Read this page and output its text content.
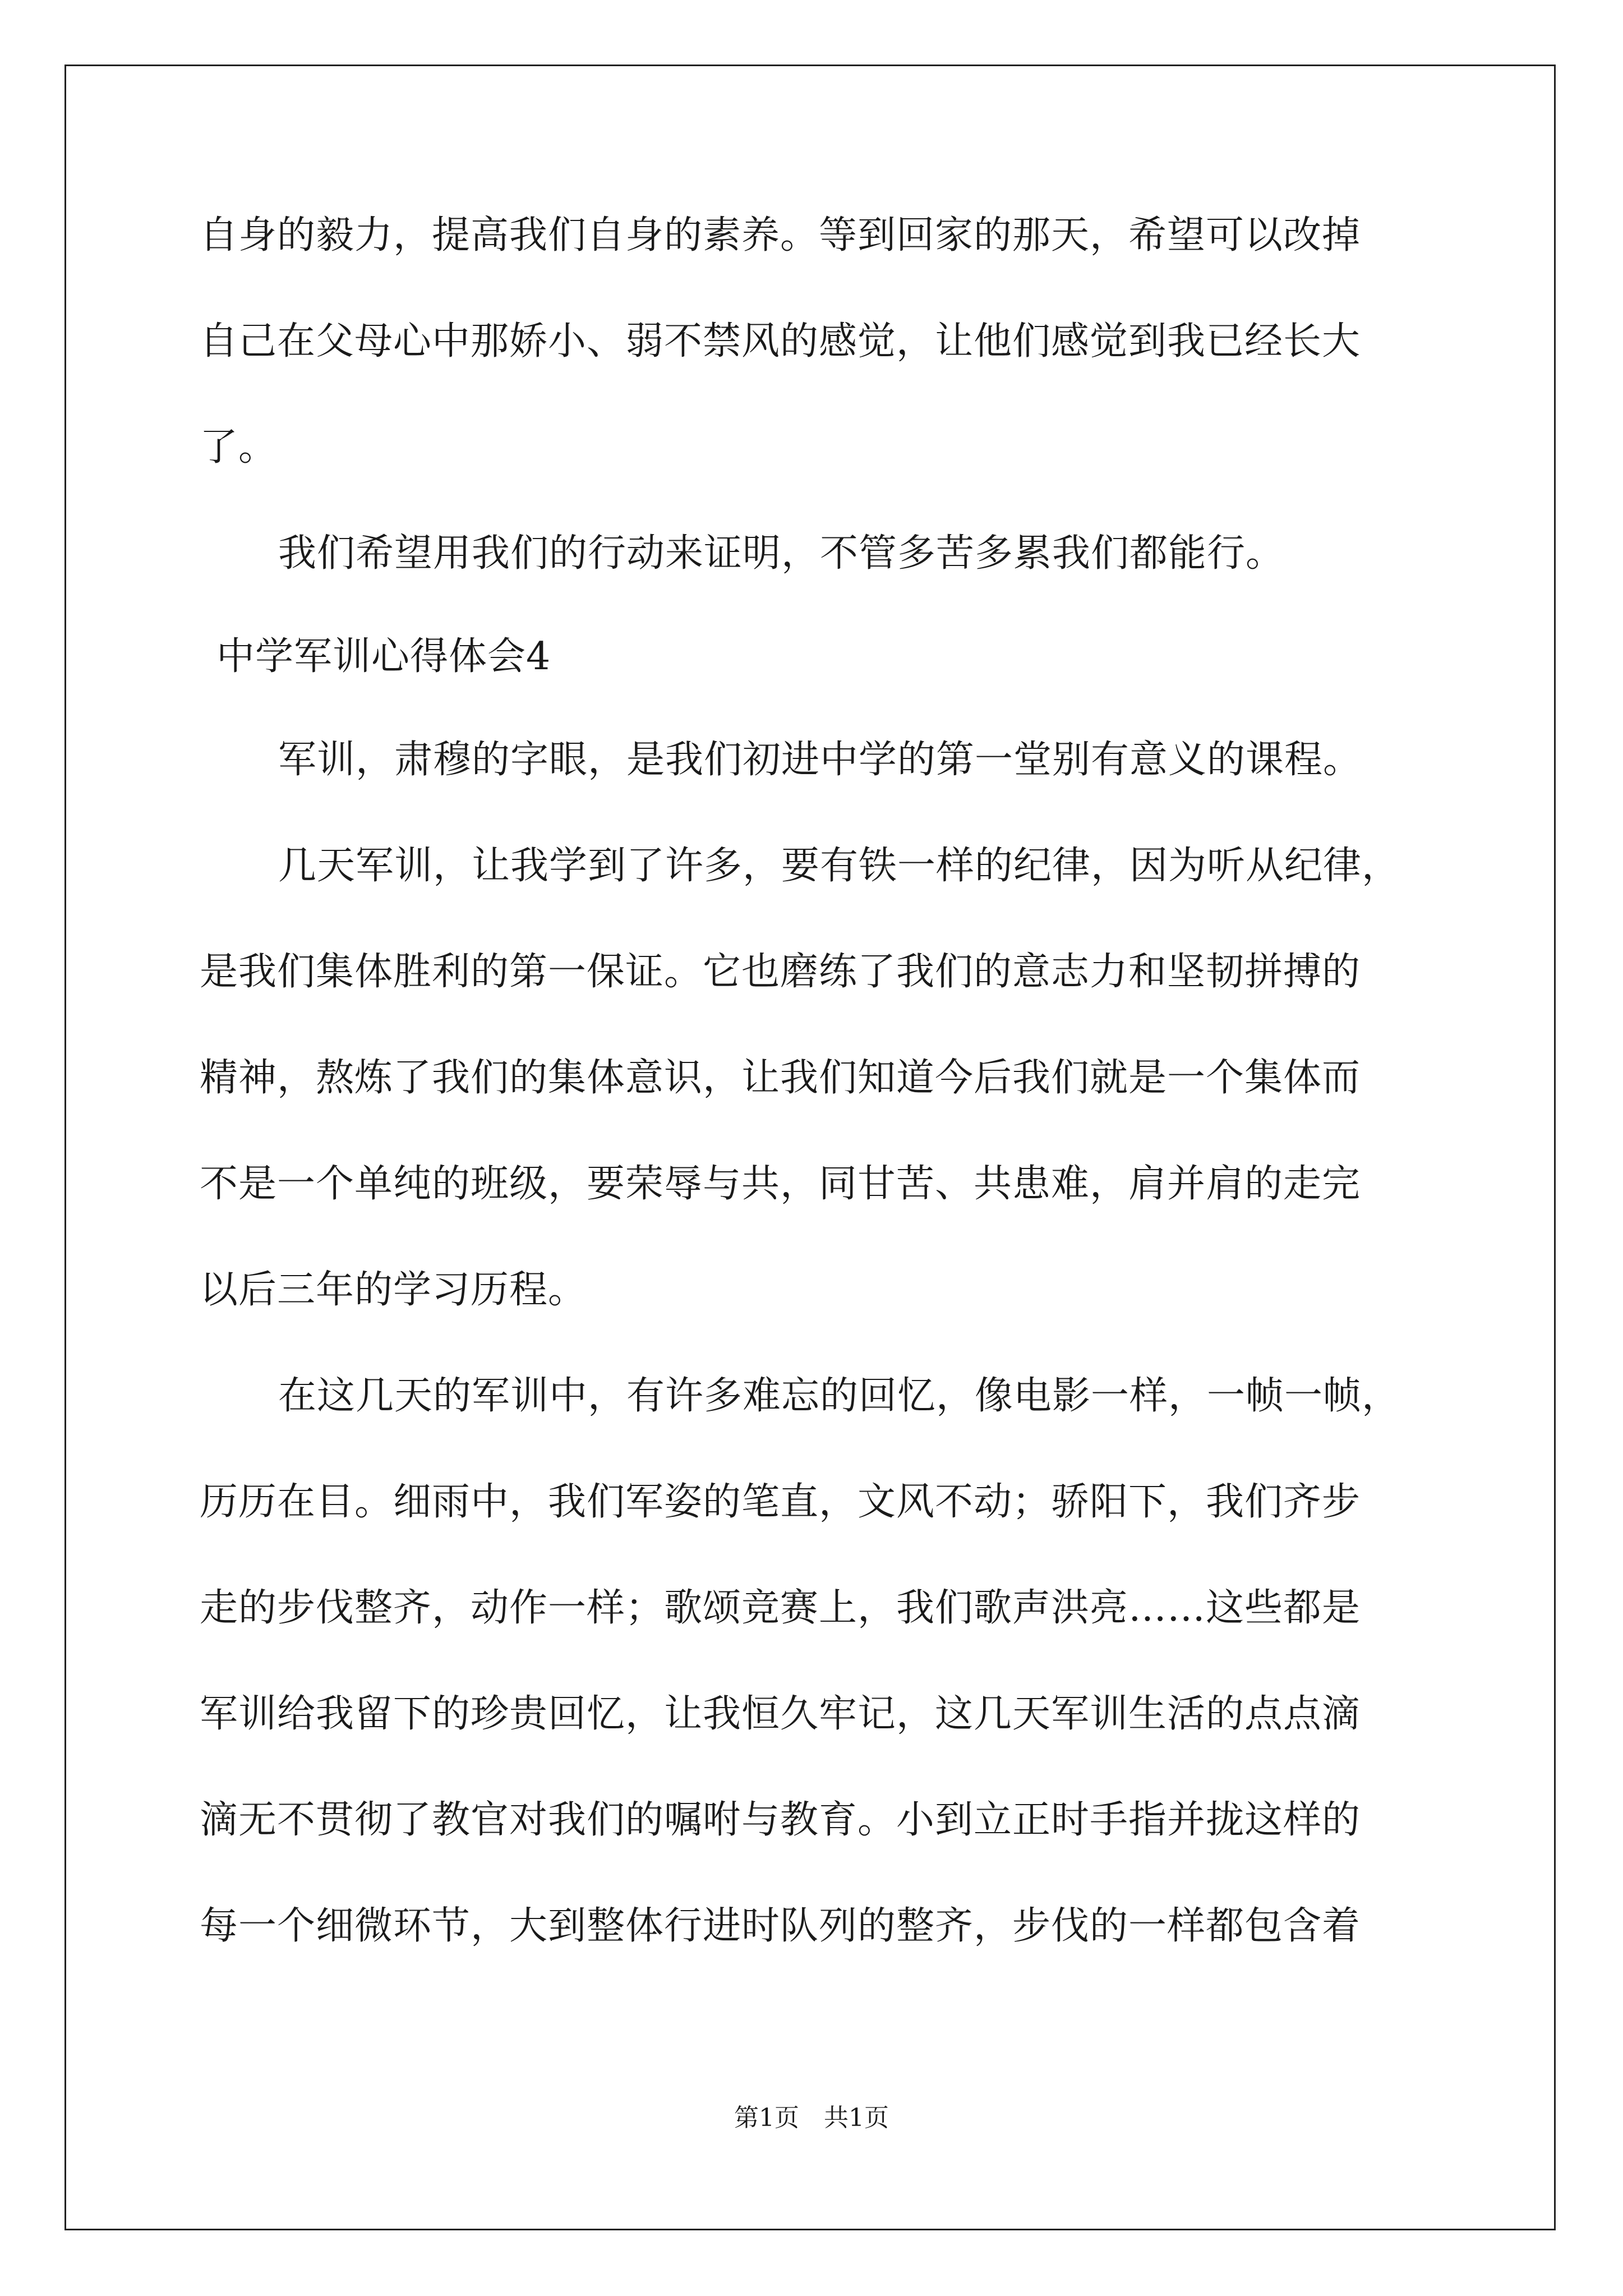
自身的毅力，提高我们自身的素养。等到回家的那天，希望可以改掉
自己在父母心中那娇小、弱不禁风的感觉，让他们感觉到我已经长大
了。
我们希望用我们的行动来证明，不管多苦多累我们都能行。
中学军训心得体会4
军训，肃穆的字眼，是我们初进中学的第一堂别有意义的课程。
几天军训，让我学到了许多，要有铁一样的纪律，因为听从纪律，
是我们集体胜利的第一保证。它也磨练了我们的意志力和坚韧拼搏的
精神，熬炼了我们的集体意识，让我们知道今后我们就是一个集体而
不是一个单纯的班级，要荣辱与共，同甘苦、共患难，肩并肩的走完
以后三年的学习历程。
在这几天的军训中，有许多难忘的回忆，像电影一样，一帧一帧，
历历在目。细雨中，我们军姿的笔直，文风不动；骄阳下，我们齐步
走的步伐整齐，动作一样；歌颂竞赛上，我们歌声洪亮……这些都是
军训给我留下的珍贵回忆，让我恒久牢记，这几天军训生活的点点滴
滴无不贯彻了教官对我们的嘱咐与教育。小到立正时手指并拢这样的
每一个细微环节，大到整体行进时队列的整齐，步伐的一样都包含着
第1页　共1页
